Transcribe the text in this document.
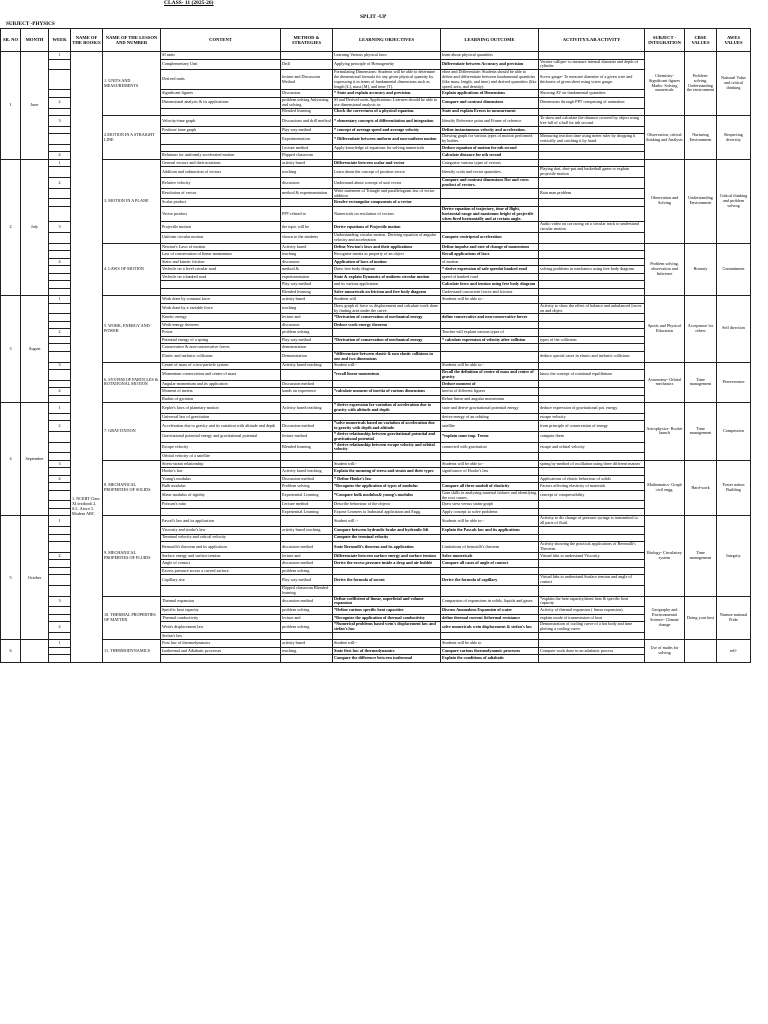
CLASS- 11 (2025-26)
SPLIT -UP
SUBJECT -PHYSICS
SR. NO	MONTH	WEEK	NAME OF THE BOOK/S	NAME OF THE LESSON AND NUMBER	CONTENT	METHOD & STRATEGIES	LEARNING OBJECTIVES	LEARNING OUTCOME	ACTIVITY/LAB ACTIVITY	SUBJECT - INTEGRATION	CBSE VALUES	AWES VALUES
1	June	1	1. NCERT Class XI textbook 2. S.L. Arora 3. Modern ABC	1. UNITS AND MEASUREMENTS	SI units		Learning Various physical laws	learn about physical quantities		Chemistry- Significant figures Maths- Solving numericals	Problem- solving, Understanding the environment	National Value and critical thinking
					Complementary Unit	Drill	Applying principle of Homogeneity	Differentiate between Accuracy and precision	Vernier calliper- to measure internal diameter and depth of cylinder.			
					Derived units	lecture and Discussion Method	Formulating Dimensions: Students will be able to determine the dimensional formula for any given physical quantity by expressing it in terms of fundamental dimensions such as length [L], mass [M], and time [T].	efine and Differentiate: Students should be able to define and differentiate between fundamental quantities (like mass, length, and time) and derived quantities (like speed, area, and density).	Screw gauge- To measure diameter of a given wire and thickness of given sheet using screw gauge.			
					Significant figures	Discussion	* State and explain accuracy and precision.	Explain applications of Dimensions	Showing AV on fundamental quantities			
		2			Dimensional analysis & its applications	problem solving Anlysizing and solving	SI and Derived units Applications: Learners should be able to use dimensional analysis to:	Compare and contrast dimensions	Dimensions through PPT comprising of animation			
						Blended learning	Check the correctness of a physical equation.	State and explain Errors in measurement				
		3		2.MOTION IN A STRAIGHT LINE	Velocity-time graph	Discussions and drill method	* elementary concepts of differentiation and integration	Identify Reference point and Frame of refrence.	To show and calculate the distance covered by object using free fall of a ball for nth second.	Observation, critical thinking and Analysis	Nurturing Environment	Respecting diversity
					Position- time graph	Play way method	* concept of average speed and average velocity	Define instantaneous velocity and acceleration.				
						Experimentation	* Differentiate between uniform and non-uniform motion	Drawing graph for various types of motion performed by bodies.	Measuring reaction time using meter ruler by dropping it vertically and catching it by hand.			
						Lecture method	Apply knowledge of equations for solving numericals	Deduce equation of motion for nth second				
		4			Relations for uniformly accelerated motion	Flipped classroom		Calculate distance for nth second				
2	July	1		3. MOTION IN A PLANE	General vectors and their notations	activity based	Differenciate between scalar and vector	Categorise various types of vectors		Observation and Solving	Understanding Environment	Critical thinking and problem solving
					Addition and subtraction of vectors	teaching	Learn about the concept of position vector	Identify scala and vector quantities.	Playing dart, shot-put and basketball game to explain projectile motion			
		2			Relative velocity	discussion	Understand about concept of unit vector	Compare and contrast dimensions Dot and cross product of vectors.				
					Resolution of vector	method & experimentation	Write statement of Triangle and parallelogram law of vector addition		Rain man problem			
					Scalar product		Resolve rectangular components of a vector					
					Vector product	PPT related to	Numericals on resolution of vectors	Derive equation of trajectory, time of flight, horizontal range and maximum height of projectile when fired horizontally and at certain angle.				
		3			Projectile motion	the topic will be	Derive equations of Projectile motion		Audio video on car racing on a circular track to understand circular motion			
					Uniform circular motion	shown to the students	Understanding circular motion. Deriving equation of angular velocity and acceleration	Compute centripetal acceleration				
				4. LAWS OF MOTION	Newton's Laws of motion	Activity based	Define Newton's laws and their applications	Define impulse and rate of change of momentum		Problem solving, observation and Inference	Honesty	Commitment
					Law of conservation of linear momentum	teaching	Recognise inertia as property of an object	Recall applications of laws				
		4			Static and kinetic friction	discussion	Application of laws of motion	of motion				
					Vechicle on a level circular road	method &	Draw free body diagram	* derive expression of safe speedat banked road	solving problems in mechanics using free body diagram			
					Vechicle on a banked road	experimentation	State & explain Dynamics of uniform circular motion	speed of banked road				
						Play way method	and its various application	Calculate force and tension using free body diagram				
						Blended learning	Solve numericals on friction and free body diagram	Understand concurrent forces and friction.				
3	August	1		5. WORK, ENERGY AND POWER	Work done by constant force	activity based	Students will	Students will be able to:-		Sports and Physical Education	Acceptance for others	Self direction
					Work done by a variable force	teaching	Draw graph of force vs displacement and calculate work done by finding area under the curve.		Activity to show the effect of balance and unbalanced forces on and object			
					Kinetic energy	lecture and	*Derivation of conservation of mechanical energy	define conservative and non-conservative forces				
					Work-energy theorem	discussion	Deduce work-energy theorem					
		2			Power	problem solving		Teacher will explain various types of				
					Potential energy of a spring	Play way method	*Derivation of conservation of mechanical energy	* calculate expression of velocity after collision	types of the collisions			
					Conservative & non-conservative forces	demonstration						
					Elastic and inelastic collisions	Demonstration	*differenciate between elastic & non elastic collisions in one and two dimensions		deduce special cases in elastic and inelastic collisions			
		3		6. SYSTEM OF PARTICLES & ROTATIONAL MOTION	Centre of mass of a two-particle system	Activity based teaching	Student will:-	Students will be able to:-		Astronomy- Orbital mechanics	Time management	Perseverance
					Momentum conservation and centre of mass		*recall linear momentum	Recall the definition of centre of mass and centre of gravity	know the concept of rotational equilibrium			
					Angular momentum and its application	Discussion method		Deduce moment of				
		4			Moment of inertia	hands on experience	*calculate moment of inertia of various dimensions	inertia of different figures				
					Radius of gyration			Relate linear and angular momentum				
4	September	1		7. GRAVITATION	Kepler's laws of planetary motion	Activity based teaching	* derive expression for variation of acceleration due to gravity with altitude and depth	state and derive gravitational potential energy	deduce expression of gravitational pot. energy	Astrophysics- Rocket launch	Time management	Compassion
					Universal law of gravitation			derive energy of an orbiting	escape velocity			
		2			Acceleration due to gravity and its variation with altitude and depth	Discussion method	*solve numericals based on variation of acceleration due to gravity with depth and altitude	satellite	from principle of conservation of energy			
					Gravitational potential energy and gravitational potential	lecture method	* derive relationship between gravitational potential and gravitational potential	*explain some imp. Terms	compute them			
					Escape velocity	Blended learning	* derive relationship between escape velocity and orbital velocity	connected with gravitation	escape and orbital velocity			
					Orbital velocity of a satellite							
		3		8. MECHANICAL PROPERTIES OF SOLIDS	Stress-strain relationship		Student will:-	Students will be able to:-	spring by method of oscillation using three different masses	Mathematics- Graph civil engg.	Hard-work	Foster nation Building
					Hooke's law	Activity based teaching	Explain the meaning of stress and strain and their types	significance of Hooke's law				
		4			Young's modulus	Discussion method	* Define Hooke's law		Applications of elastic behaviour of solids			
					Bulk modulus	Problem solving	*Recognize the application of types of modulus	Compare all three moduli of elasticity	Factors affecting elasticity of materials			
					Shear modulus of rigidity	Experiential Learning	*Compare bulk modulus& young's modulus	Gain skills in analysing material failures and identifying the root causes.	concept of compressibility			
					Poisson's ratio	Lecture method	Describe behaviour of the objects	Draw stess versus strain graph				
						Experiential Learning	Expose Learners to Industrial application and Engg.	Apply concept to solve problems				
5	October	1		9. MECHANICAL PROPERTIES OF FLUIDS	Pascal's law and its application		Student will :-	Students will be able to:-	Activity to dis change of pressure syringe is transmitted to all parts of fluid.	Biology- Circulatory system	Time management	Integrity
					Viscosity and stroke's law	activity based teaching.	Compare between hydraulic brake and hydraulic lift	Explain the Pascals law and its applications				
					Terminal velocity and critical velocity		Compute the terminal velocity					
					Bernoulli's theorem and its application	discussion method	State Bernoulli's theorem and its application	Limitations of bernoulli's theorem	Activity showing the practical applications of Bernoulli's Theorem.			
		2			Surface energy and surface tension	lecture and	Differenciate between surface energy and surface tension	Solve numericals	Virtual labs to understand Viscosity			
					Angle of contact	discussion method	Derive the excess pressure inside a drop and air bubble	Compare all cases of angle of contact				
					Excess pressure across a curved surface	problem solving						
					Capillary rise	Play way method	Derive the formula of ascent	Derive the formula of capillary	Virtual labs to understand Surface tension and angle of contact			
						Flipped classroom Blended learning						
		3		10. THERMAL PROPERTIES OF MATTER	Thermal expansion	discussion method	Define coefficient of linear, superficial and volume expansion	Comparison of expansions in solids, liquids and gases	*explain the heat capacity,latent heat & specific heat capacity	Geography and Environmental Science- Climate change	Doing your best	Nurture national Pride
					Specific heat capacity	problem solving	*Define various specific heat capacities	Discuss Anomalous Expansion of water	Activity of thermal expansion ( linear expansion).			
					Thermal conductivity	lecture and	*Recognize the application of thermal conductivity	define thermal current &thermal resistance	explain mode of transmission of heat			
		4			Wein's displacement law	problem solving	*Numerical problems based wein's displacement law and stefan's law	solve numericals wein displacement & stefan's law	Demonstration of cooling curve of a hot body and time plotting a cooling curve.			
					Stefan's law							
6		1		11. THERMODYNAMICS	First law of thermodynamics	activity based	Student will:-	Students will be able to		Use of maths for solving		self-
					Isothermal and Adiabatic processes	teaching.	State first law of thermodynamics	Compare various thermodynamic processes	Compute work done in an adiabatic process			
							Compare the difference between isothermal	Explain the conditions of adiabatic				
